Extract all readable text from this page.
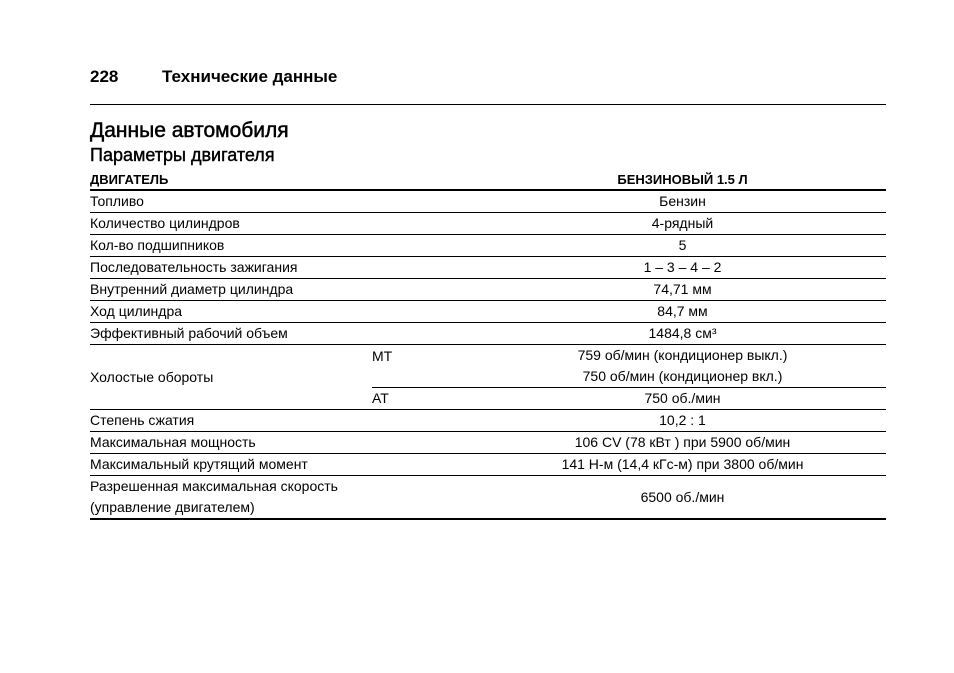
228	Технические данные
Данные автомобиля
Параметры двигателя
ДВИГАТЕЛЬ		БЕНЗИНОВЫЙ 1.5 Л
Топливо		Бензин
Количество цилиндров		4-рядный
Кол-во подшипников		5
Последовательность зажигания		1 – 3 – 4 – 2
Внутренний диаметр цилиндра		74,71 мм
Ход цилиндра		84,7 мм
Эффективный рабочий объем		1484,8 см³
Холостые обороты	МТ	759 об/мин (кондиционер выкл.)
750 об/мин (кондиционер вкл.)

	АТ	750 об./мин
Степень сжатия		10,2 : 1
Максимальная мощность		106 CV (78 кВт ) при 5900 об/мин
Максимальный крутящий момент		141 Н-м (14,4 кГс-м) при 3800 об/мин

Разрешенная максимальная скорость
(управление двигателем)		6500 об./мин
